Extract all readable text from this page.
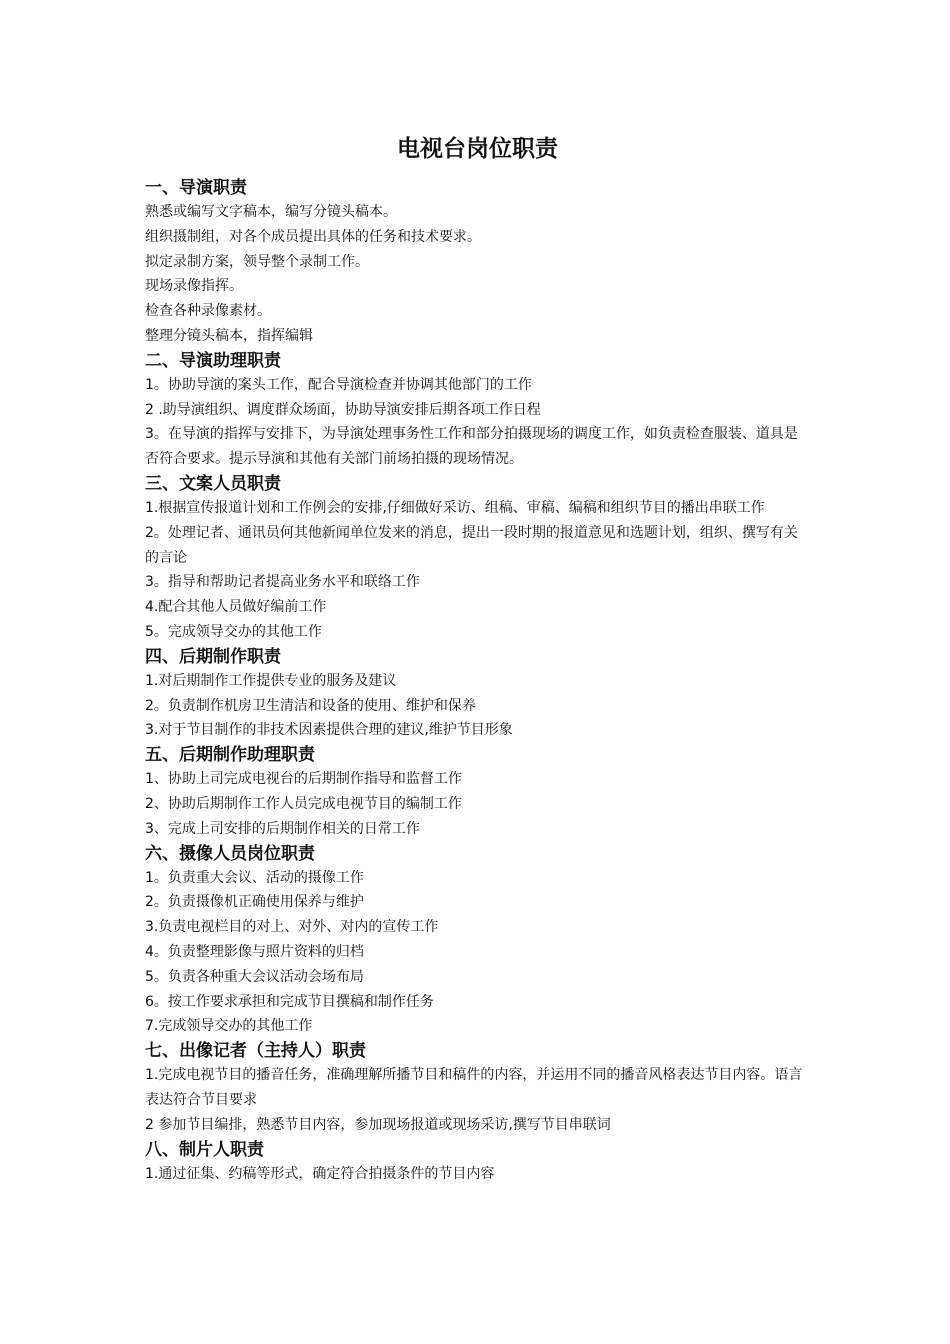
电视台岗位职责
一、导演职责

熟悉或编写文字稿本，编写分镜头稿本。

组织摄制组，对各个成员提出具体的任务和技术要求。

拟定录制方案，领导整个录制工作。

现场录像指挥。

检查各种录像素材。

整理分镜头稿本，指挥编辑

二、导演助理职责

1。协助导演的案头工作，配合导演检查并协调其他部门的工作

2 .助导演组织、调度群众场面，协助导演安排后期各项工作日程

3。在导演的指挥与安排下，为导演处理事务性工作和部分拍摄现场的调度工作，如负责检查服装、道具是否符合要求。提示导演和其他有关部门前场拍摄的现场情况。

三、文案人员职责

1.根据宣传报道计划和工作例会的安排,仔细做好采访、组稿、审稿、编稿和组织节目的播出串联工作

2。处理记者、通讯员何其他新闻单位发来的消息，提出一段时期的报道意见和选题计划，组织、撰写有关的言论

3。指导和帮助记者提高业务水平和联络工作

4.配合其他人员做好编前工作

5。完成领导交办的其他工作

四、后期制作职责

1.对后期制作工作提供专业的服务及建议

2。负责制作机房卫生清洁和设备的使用、维护和保养

3.对于节目制作的非技术因素提供合理的建议,维护节目形象

五、后期制作助理职责

1、协助上司完成电视台的后期制作指导和监督工作

2、协助后期制作工作人员完成电视节目的编制工作

3、完成上司安排的后期制作相关的日常工作

六、摄像人员岗位职责

1。负责重大会议、活动的摄像工作

2。负责摄像机正确使用保养与维护

3.负责电视栏目的对上、对外、对内的宣传工作

4。负责整理影像与照片资料的归档

5。负责各种重大会议活动会场布局

6。按工作要求承担和完成节目撰稿和制作任务

7.完成领导交办的其他工作

七、出像记者（主持人）职责

1.完成电视节目的播音任务，准确理解所播节目和稿件的内容，并运用不同的播音风格表达节目内容。语言表达符合节目要求

2 参加节目编排，熟悉节目内容，参加现场报道或现场采访,撰写节目串联词

八、制片人职责

1.通过征集、约稿等形式，确定符合拍摄条件的节目内容
